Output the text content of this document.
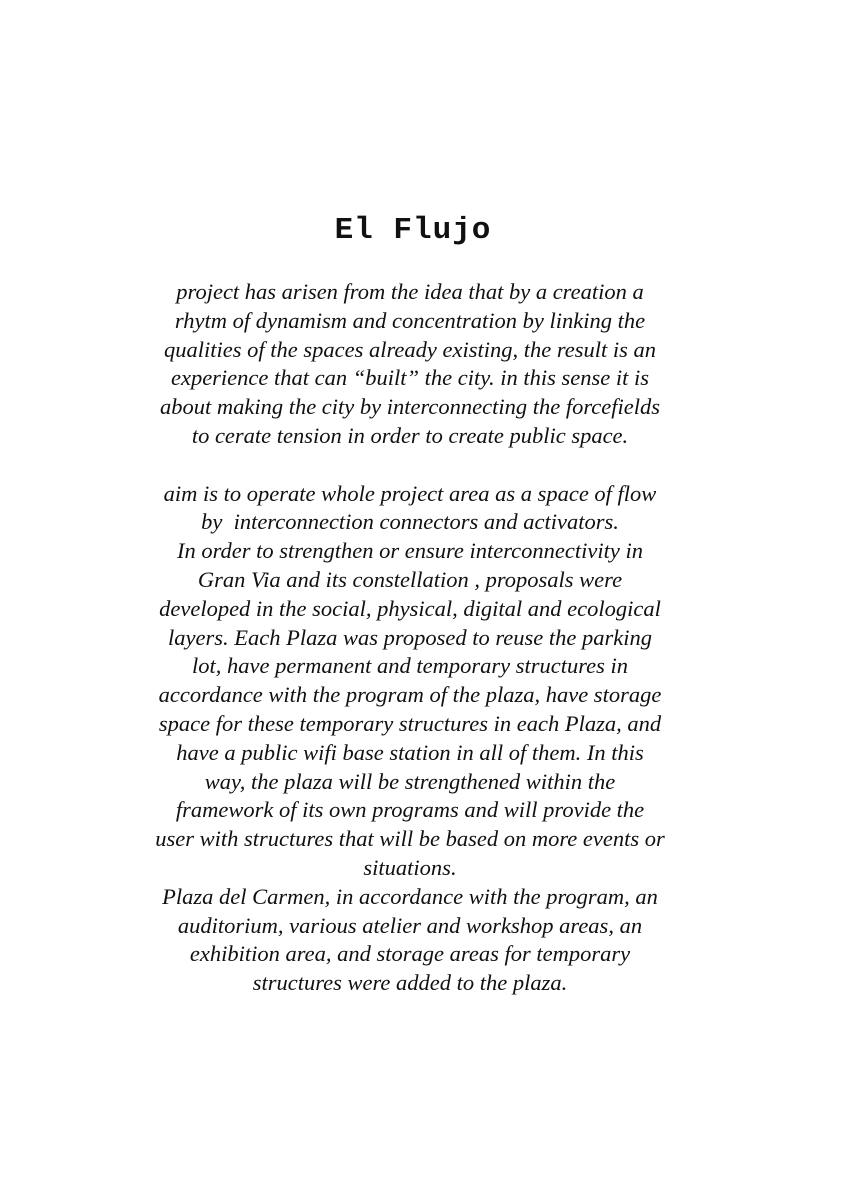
El Flujo
project has arisen from the idea that by a creation a
rhytm of dynamism and concentration by linking the
qualities of the spaces already existing, the result is an
experience that can “built” the city. in this sense it is
about making the city by interconnecting the forcefields
to cerate tension in order to create public space.
aim is to operate whole project area as a space of flow
by  interconnection connectors and activators.
In order to strengthen or ensure interconnectivity in
Gran Via and its constellation , proposals were
developed in the social, physical, digital and ecological
layers. Each Plaza was proposed to reuse the parking
lot, have permanent and temporary structures in
accordance with the program of the plaza, have storage
space for these temporary structures in each Plaza, and
have a public wifi base station in all of them. In this
way, the plaza will be strengthened within the
framework of its own programs and will provide the
user with structures that will be based on more events or
situations.
Plaza del Carmen, in accordance with the program, an
auditorium, various atelier and workshop areas, an
exhibition area, and storage areas for temporary
structures were added to the plaza.
